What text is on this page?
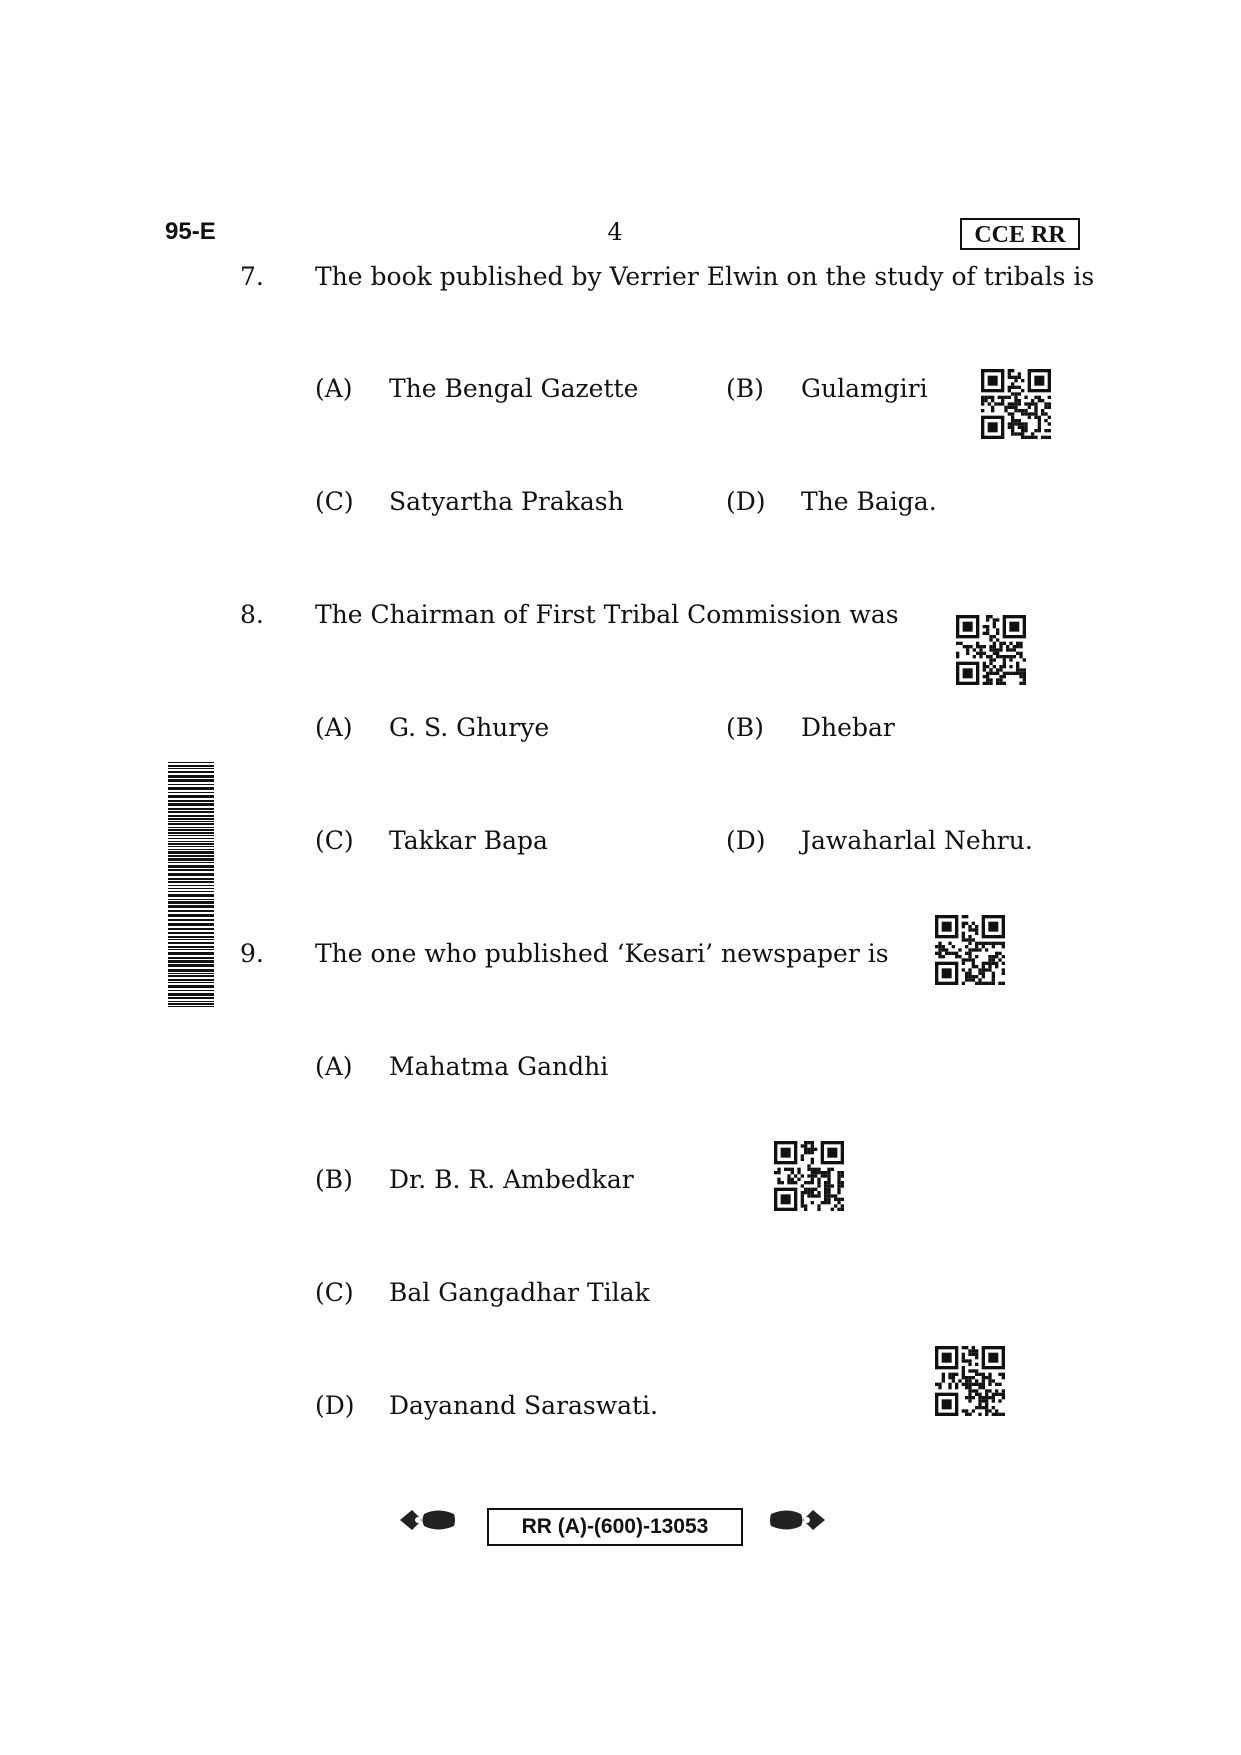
95-E	4	CCE RR
7. The book published by Verrier Elwin on the study of tribals is
(A) The Bengal Gazette	(B) Gulamgiri
(C) Satyartha Prakash	(D) The Baiga.
8. The Chairman of First Tribal Commission was
(A) G. S. Ghurye	(B) Dhebar
(C) Takkar Bapa	(D) Jawaharlal Nehru.
9. The one who published ‘Kesari’ newspaper is
(A) Mahatma Gandhi
(B) Dr. B. R. Ambedkar
(C) Bal Gangadhar Tilak
(D) Dayanand Saraswati.
RR (A)-(600)-13053
